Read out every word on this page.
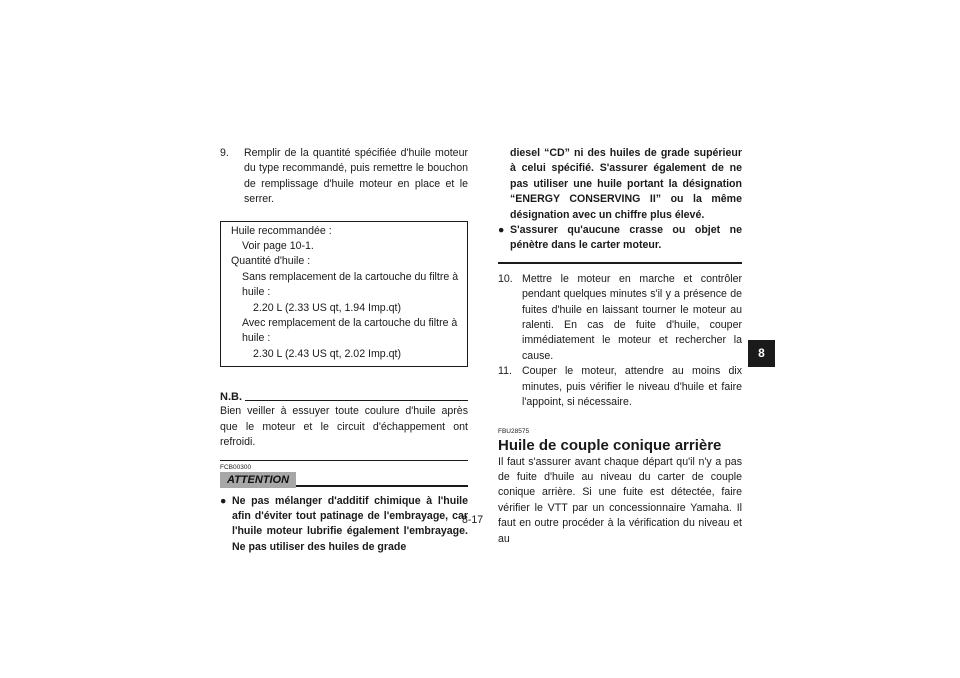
9. Remplir de la quantité spécifiée d'huile moteur du type recommandé, puis remettre le bouchon de remplissage d'huile moteur en place et le serrer.

Huile recommandée :

Voir page 10-1.

Quantité d'huile :

Sans remplacement de la cartouche du filtre à huile :

2.20 L (2.33 US qt, 1.94 Imp.qt)

Avec remplacement de la cartouche du filtre à huile :

2.30 L (2.43 US qt, 2.02 Imp.qt)

N.B.

Bien veiller à essuyer toute coulure d'huile après que le moteur et le circuit d'échappement ont refroidi.

FCB00300
ATTENTION
● Ne pas mélanger d'additif chimique à l'huile afin d'éviter tout patinage de l'embrayage, car l'huile moteur lubrifie également l'embrayage. Ne pas utiliser des huiles de grade

diesel “CD” ni des huiles de grade supérieur à celui spécifié. S'assurer également de ne pas utiliser une huile portant la désignation “ENERGY CONSERVING II” ou la même désignation avec un chiffre plus élevé.

● S'assurer qu'aucune crasse ou objet ne pénètre dans le carter moteur.
10. Mettre le moteur en marche et contrôler pendant quelques minutes s'il y a présence de fuites d'huile en laissant tourner le moteur au ralenti. En cas de fuite d'huile, couper immédiatement le moteur et rechercher la cause.
11. Couper le moteur, attendre au moins dix minutes, puis vérifier le niveau d'huile et faire l'appoint, si nécessaire.
FBU28575
Huile de couple conique arrière

Il faut s'assurer avant chaque départ qu'il n'y a pas de fuite d'huile au niveau du carter de couple conique arrière. Si une fuite est détectée, faire vérifier le VTT par un concessionnaire Yamaha. Il faut en outre procéder à la vérification du niveau et au

8
8-17
